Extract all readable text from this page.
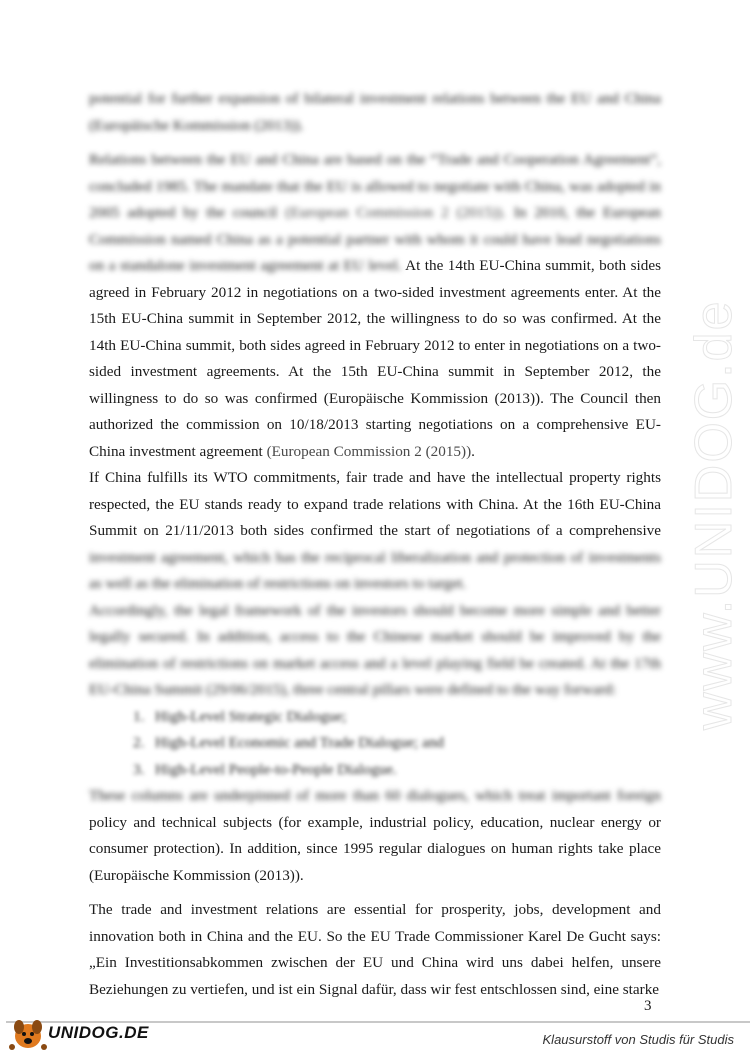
www.UNIDOG.de

potential for further expansion of bilateral investment relations between the EU and China (Europäische Kommission (2013)).

Relations between the EU and China are based on the “Trade and Cooperation Agreement”, concluded 1985. The mandate that the EU is allowed to negotiate with China, was adopted in 2005 adopted by the council (European Commission 2 (2015)). In 2010, the European Commission named China as a potential partner with whom it could have lead negotiations on a standalone investment agreement at EU level. At the 14th EU-China summit, both sides agreed in February 2012 in negotiations on a two-sided investment agreements enter. At the 15th EU-China summit in September 2012, the willingness to do so was confirmed. At the 14th EU-China summit, both sides agreed in February 2012 to enter in negotiations on a two-sided investment agreements. At the 15th EU-China summit in September 2012, the willingness to do so was confirmed (Europäische Kommission (2013)). The Council then authorized the commission on 10/18/2013 starting negotiations on a comprehensive EU-China investment agreement (European Commission 2 (2015)).

If China fulfills its WTO commitments, fair trade and have the intellectual property rights respected, the EU stands ready to expand trade relations with China. At the 16th EU-China Summit on 21/11/2013 both sides confirmed the start of negotiations of a comprehensive investment agreement, which has the reciprocal liberalization and protection of investments as well as the elimination of restrictions on investors to target.

Accordingly, the legal framework of the investors should become more simple and better legally secured. In addition, access to the Chinese market should be improved by the elimination of restrictions on market access and a level playing field be created. At the 17th EU-China Summit (29/06/2015), three central pillars were defined to the way forward:

1. High-Level Strategic Dialogue;
2. High-Level Economic and Trade Dialogue; and
3. High-Level People-to-People Dialogue.

These columns are underpinned of more than 60 dialogues, which treat important foreign policy and technical subjects (for example, industrial policy, education, nuclear energy or consumer protection). In addition, since 1995 regular dialogues on human rights take place (Europäische Kommission (2013)).

The trade and investment relations are essential for prosperity, jobs, development and innovation both in China and the EU. So the EU Trade Commissioner Karel De Gucht says: „Ein Investitionsabkommen zwischen der EU und China wird uns dabei helfen, unsere Beziehungen zu vertiefen, und ist ein Signal dafür, dass wir fest entschlossen sind, eine starke

3
UNIDOG.DE	Klausurstoff von Studis für Studis
